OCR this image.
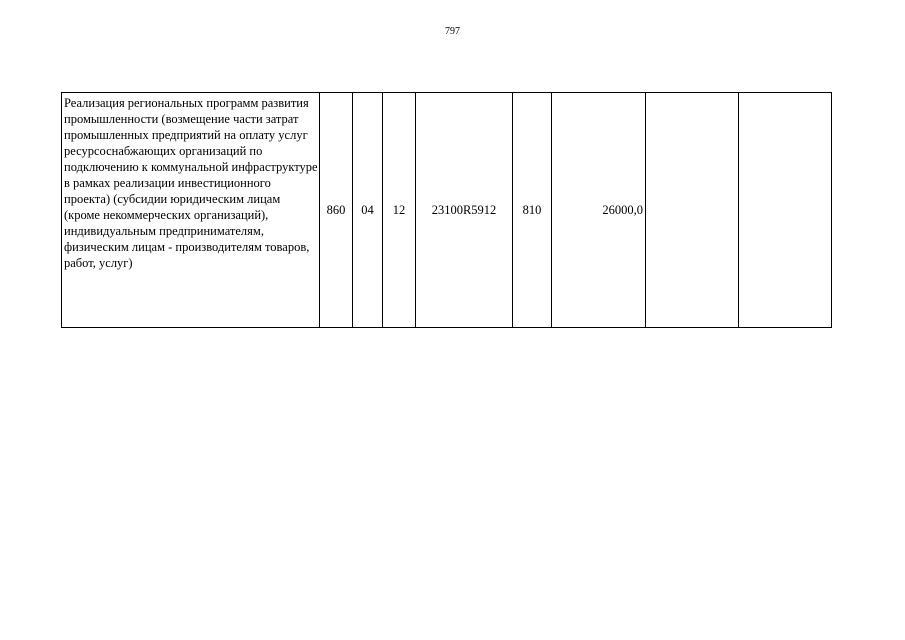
797
Реализация региональных программ развития промышленности (возмещение части затрат промышленных предприятий на оплату услуг ресурсоснабжающих организаций по подключению к коммунальной инфраструктуре в рамках реализации инвестиционного проекта) (субсидии юридическим лицам (кроме некоммерческих организаций), индивидуальным предпринимателям, физическим лицам - производителям товаров, работ, услуг)	860	04	12	23100R5912	810	26000,0		
